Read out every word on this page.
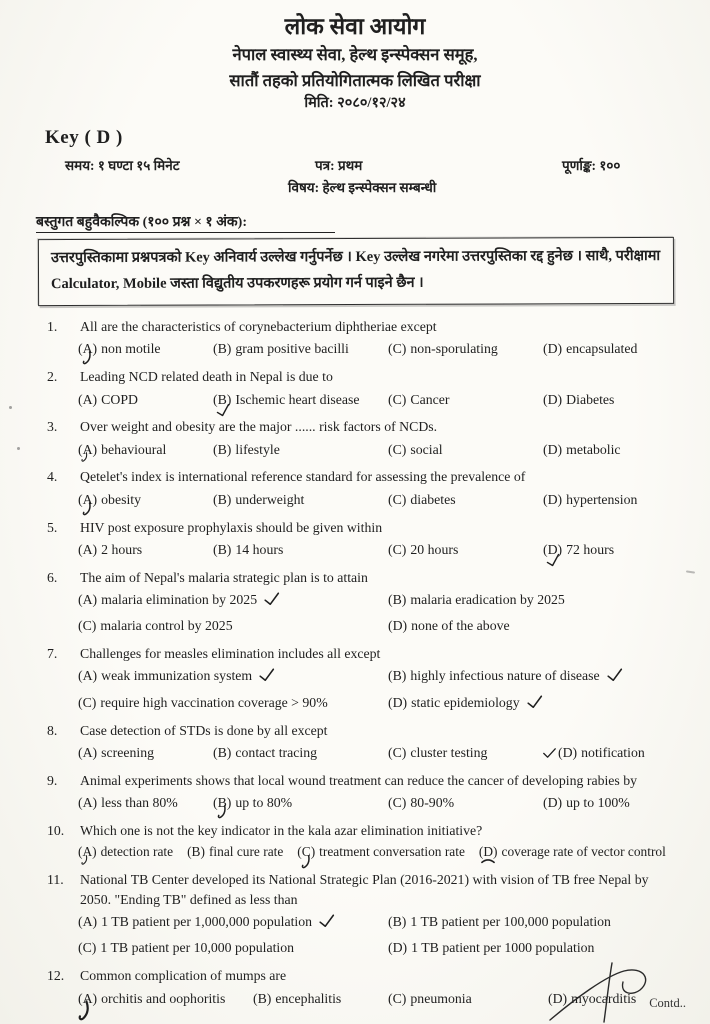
लोक सेवा आयोग
नेपाल स्वास्थ्य सेवा, हेल्थ इन्स्पेक्सन समूह,
सातौं तहको प्रतियोगितात्मक लिखित परीक्षा
मिति: २०८०/१२/२४
Key ( D )
समय: १ घण्टा १५ मिनेट	पत्र: प्रथम	पूर्णाङ्क: १००
विषय: हेल्थ इन्स्पेक्सन सम्बन्धी
बस्तुगत बहुवैकल्पिक (१०० प्रश्न × १ अंक):
उत्तरपुस्तिकामा प्रश्नपत्रको Key अनिवार्य उल्लेख गर्नुपर्नेछ । Key उल्लेख नगरेमा उत्तरपुस्तिका रद्द हुनेछ । साथै, परीक्षामा Calculator, Mobile जस्ता विद्युतीय उपकरणहरू प्रयोग गर्न पाइने छैन ।
1.	All are the characteristics of corynebacterium diphtheriae except
(A) non motile	(B) gram positive bacilli	(C) non-sporulating	(D) encapsulated
2.	Leading NCD related death in Nepal is due to
(A) COPD	(B) Ischemic heart disease	(C) Cancer	(D) Diabetes
3.	Over weight and obesity are the major ...... risk factors of NCDs.
(A) behavioural	(B) lifestyle	(C) social	(D) metabolic
4.	Qetelet's index is international reference standard for assessing the prevalence of
(A) obesity	(B) underweight	(C) diabetes	(D) hypertension
5.	HIV post exposure prophylaxis should be given within
(A) 2 hours	(B) 14 hours	(C) 20 hours	(D) 72 hours
6.	The aim of Nepal's malaria strategic plan is to attain
(A) malaria elimination by 2025	(B) malaria eradication by 2025
(C) malaria control by 2025	(D) none of the above
7.	Challenges for measles elimination includes all except
(A) weak immunization system	(B) highly infectious nature of disease
(C) require high vaccination coverage > 90%	(D) static epidemiology
8.	Case detection of STDs is done by all except
(A) screening	(B) contact tracing	(C) cluster testing	(D) notification
9.	Animal experiments shows that local wound treatment can reduce the cancer of developing rabies by
(A) less than 80%	(B) up to 80%	(C) 80-90%	(D) up to 100%
10.	Which one is not the key indicator in the kala azar elimination initiative?
(A) detection rate (B) final cure rate (C) treatment conversation rate (D) coverage rate of vector control
11.	National TB Center developed its National Strategic Plan (2016-2021) with vision of TB free Nepal by 2050. "Ending TB" defined as less than
(A) 1 TB patient per 1,000,000 population	(B) 1 TB patient per 100,000 population
(C) 1 TB patient per 10,000 population	(D) 1 TB patient per 1000 population
12.	Common complication of mumps are
(A) orchitis and oophoritis	(B) encephalitis	(C) pneumonia	(D) myocarditis	Contd..
